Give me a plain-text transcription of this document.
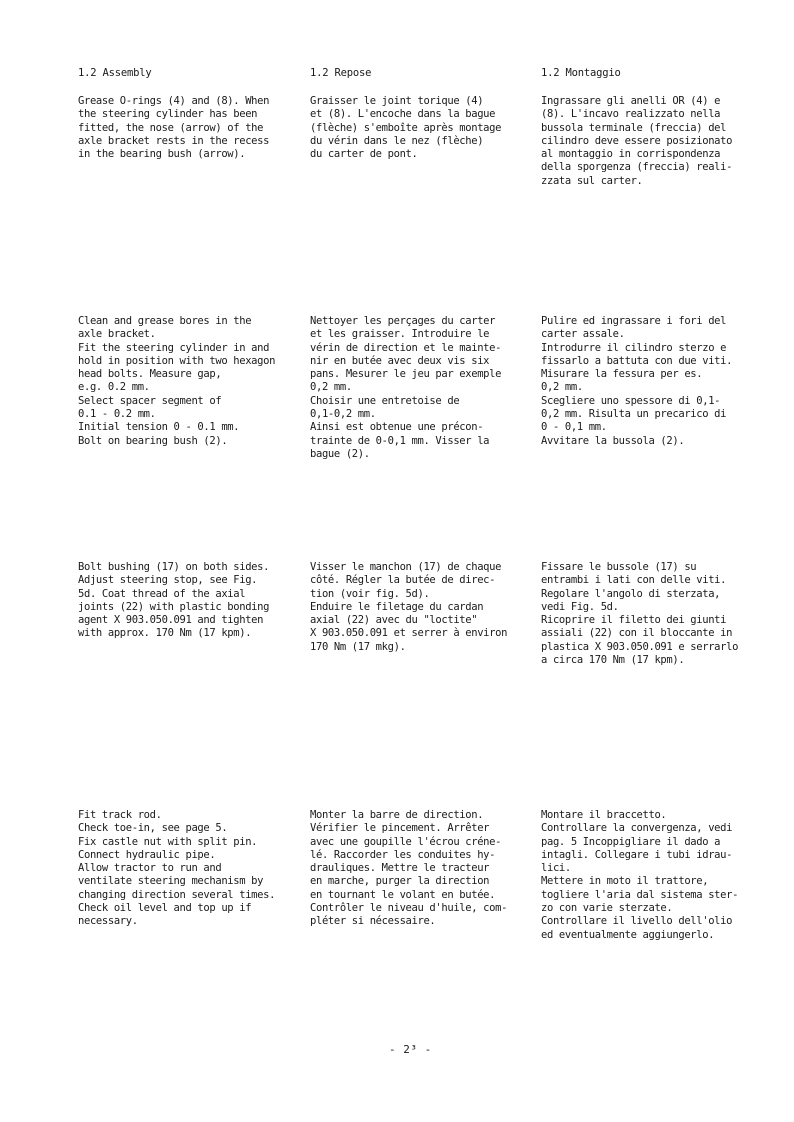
1.2 Assembly	1.2 Repose	1.2 Montaggio
Grease O-rings (4) and (8). When
the steering cylinder has been
fitted, the nose (arrow) of the
axle bracket rests in the recess
in the bearing bush (arrow).
Graisser le joint torique (4)
et (8). L'encoche dans la bague
(flèche) s'emboîte après montage
du vérin dans le nez (flèche)
du carter de pont.
Ingrassare gli anelli OR (4) e
(8). L'incavo realizzato nella
bussola terminale (freccia) del
cilindro deve essere posizionato
al montaggio in corrispondenza
della sporgenza (freccia) reali-
zzata sul carter.
Clean and grease bores in the
axle bracket.
Fit the steering cylinder in and
hold in position with two hexagon
head bolts. Measure gap,
e.g. 0.2 mm.
Select spacer segment of
0.1 - 0.2 mm.
Initial tension 0 - 0.1 mm.
Bolt on bearing bush (2).
Nettoyer les perçages du carter
et les graisser. Introduire le
vérin de direction et le mainte-
nir en butée avec deux vis six
pans. Mesurer le jeu par exemple
0,2 mm.
Choisir une entretoise de
0,1-0,2 mm.
Ainsi est obtenue une précon-
trainte de 0-0,1 mm. Visser la
bague (2).
Pulire ed ingrassare i fori del
carter assale.
Introdurre il cilindro sterzo e
fissarlo a battuta con due viti.
Misurare la fessura per es.
0,2 mm.
Scegliere uno spessore di 0,1-
0,2 mm. Risulta un precarico di
0 - 0,1 mm.
Avvitare la bussola (2).
Bolt bushing (17) on both sides.
Adjust steering stop, see Fig.
5d. Coat thread of the axial
joints (22) with plastic bonding
agent X 903.050.091 and tighten
with approx. 170 Nm (17 kpm).
Visser le manchon (17) de chaque
côté. Régler la butée de direc-
tion (voir fig. 5d).
Enduire le filetage du cardan
axial (22) avec du "loctite"
X 903.050.091 et serrer à environ
170 Nm (17 mkg).
Fissare le bussole (17) su
entrambi i lati con delle viti.
Regolare l'angolo di sterzata,
vedi Fig. 5d.
Ricoprire il filetto dei giunti
assiali (22) con il bloccante in
plastica X 903.050.091 e serrarlo
a circa 170 Nm (17 kpm).
Fit track rod.
Check toe-in, see page 5.
Fix castle nut with split pin.
Connect hydraulic pipe.
Allow tractor to run and
ventilate steering mechanism by
changing direction several times.
Check oil level and top up if
necessary.
Monter la barre de direction.
Vérifier le pincement. Arrêter
avec une goupille l'écrou créne-
lé. Raccorder les conduites hy-
drauliques. Mettre le tracteur
en marche, purger la direction
en tournant le volant en butée.
Contrôler le niveau d'huile, com-
pléter si nécessaire.
Montare il braccetto.
Controllare la convergenza, vedi
pag. 5 Incoppigliare il dado a
intagli. Collegare i tubi idrau-
lici.
Mettere in moto il trattore,
togliere l'aria dal sistema ster-
zo con varie sterzate.
Controllare il livello dell'olio
ed eventualmente aggiungerlo.
- 2³ -
